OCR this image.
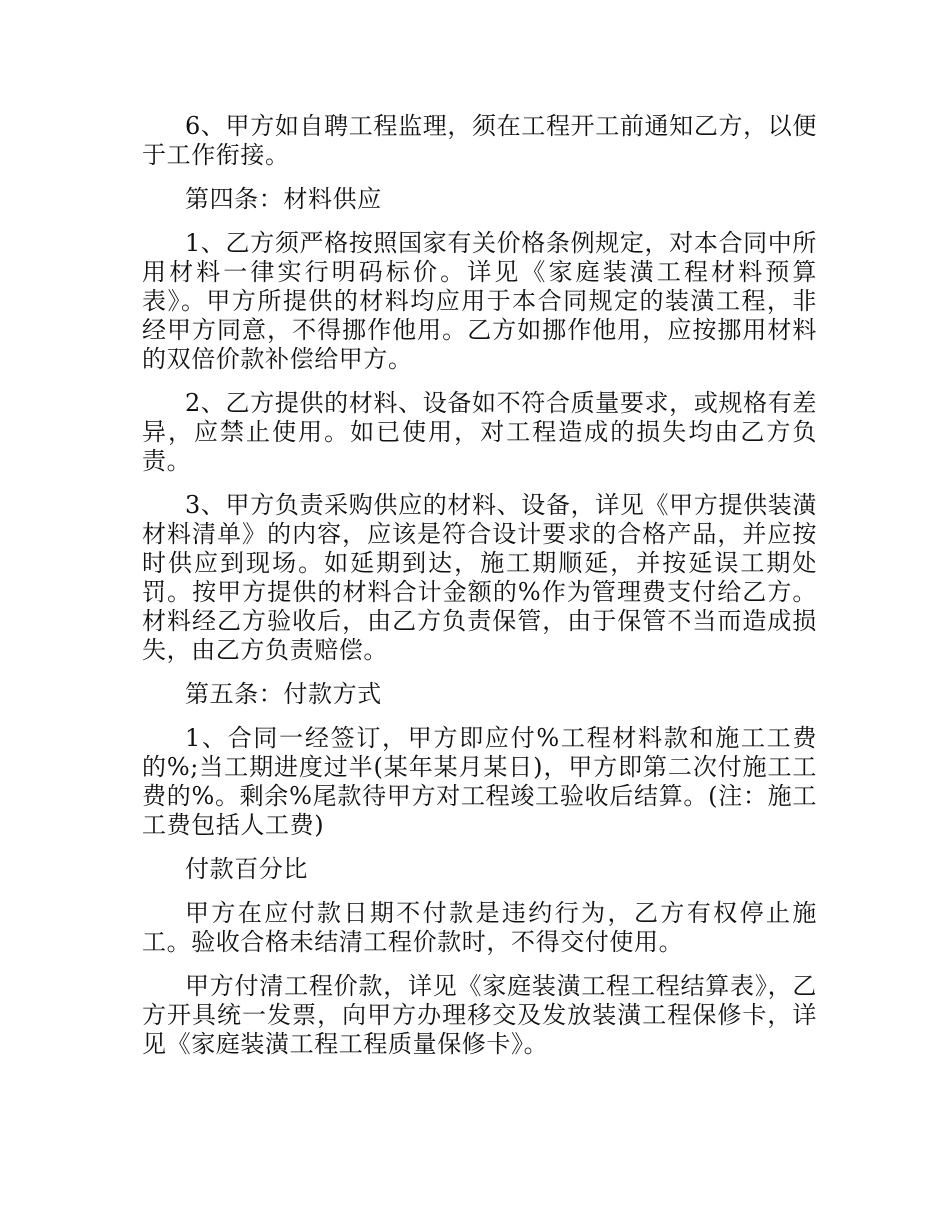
6、甲方如自聘工程监理，须在工程开工前通知乙方，以便于工作衔接。

第四条：材料供应

1、乙方须严格按照国家有关价格条例规定，对本合同中所用材料一律实行明码标价。详见《家庭装潢工程材料预算表》。甲方所提供的材料均应用于本合同规定的装潢工程，非经甲方同意，不得挪作他用。乙方如挪作他用，应按挪用材料的双倍价款补偿给甲方。

2、乙方提供的材料、设备如不符合质量要求，或规格有差异，应禁止使用。如已使用，对工程造成的损失均由乙方负责。

3、甲方负责采购供应的材料、设备，详见《甲方提供装潢材料清单》的内容，应该是符合设计要求的合格产品，并应按时供应到现场。如延期到达，施工期顺延，并按延误工期处罚。按甲方提供的材料合计金额的%作为管理费支付给乙方。材料经乙方验收后，由乙方负责保管，由于保管不当而造成损失，由乙方负责赔偿。

第五条：付款方式

1、合同一经签订，甲方即应付%工程材料款和施工工费的%;当工期进度过半(某年某月某日)，甲方即第二次付施工工费的%。剩余%尾款待甲方对工程竣工验收后结算。(注：施工工费包括人工费)

付款百分比

甲方在应付款日期不付款是违约行为，乙方有权停止施工。验收合格未结清工程价款时，不得交付使用。

甲方付清工程价款，详见《家庭装潢工程工程结算表》，乙方开具统一发票，向甲方办理移交及发放装潢工程保修卡，详见《家庭装潢工程工程质量保修卡》。
